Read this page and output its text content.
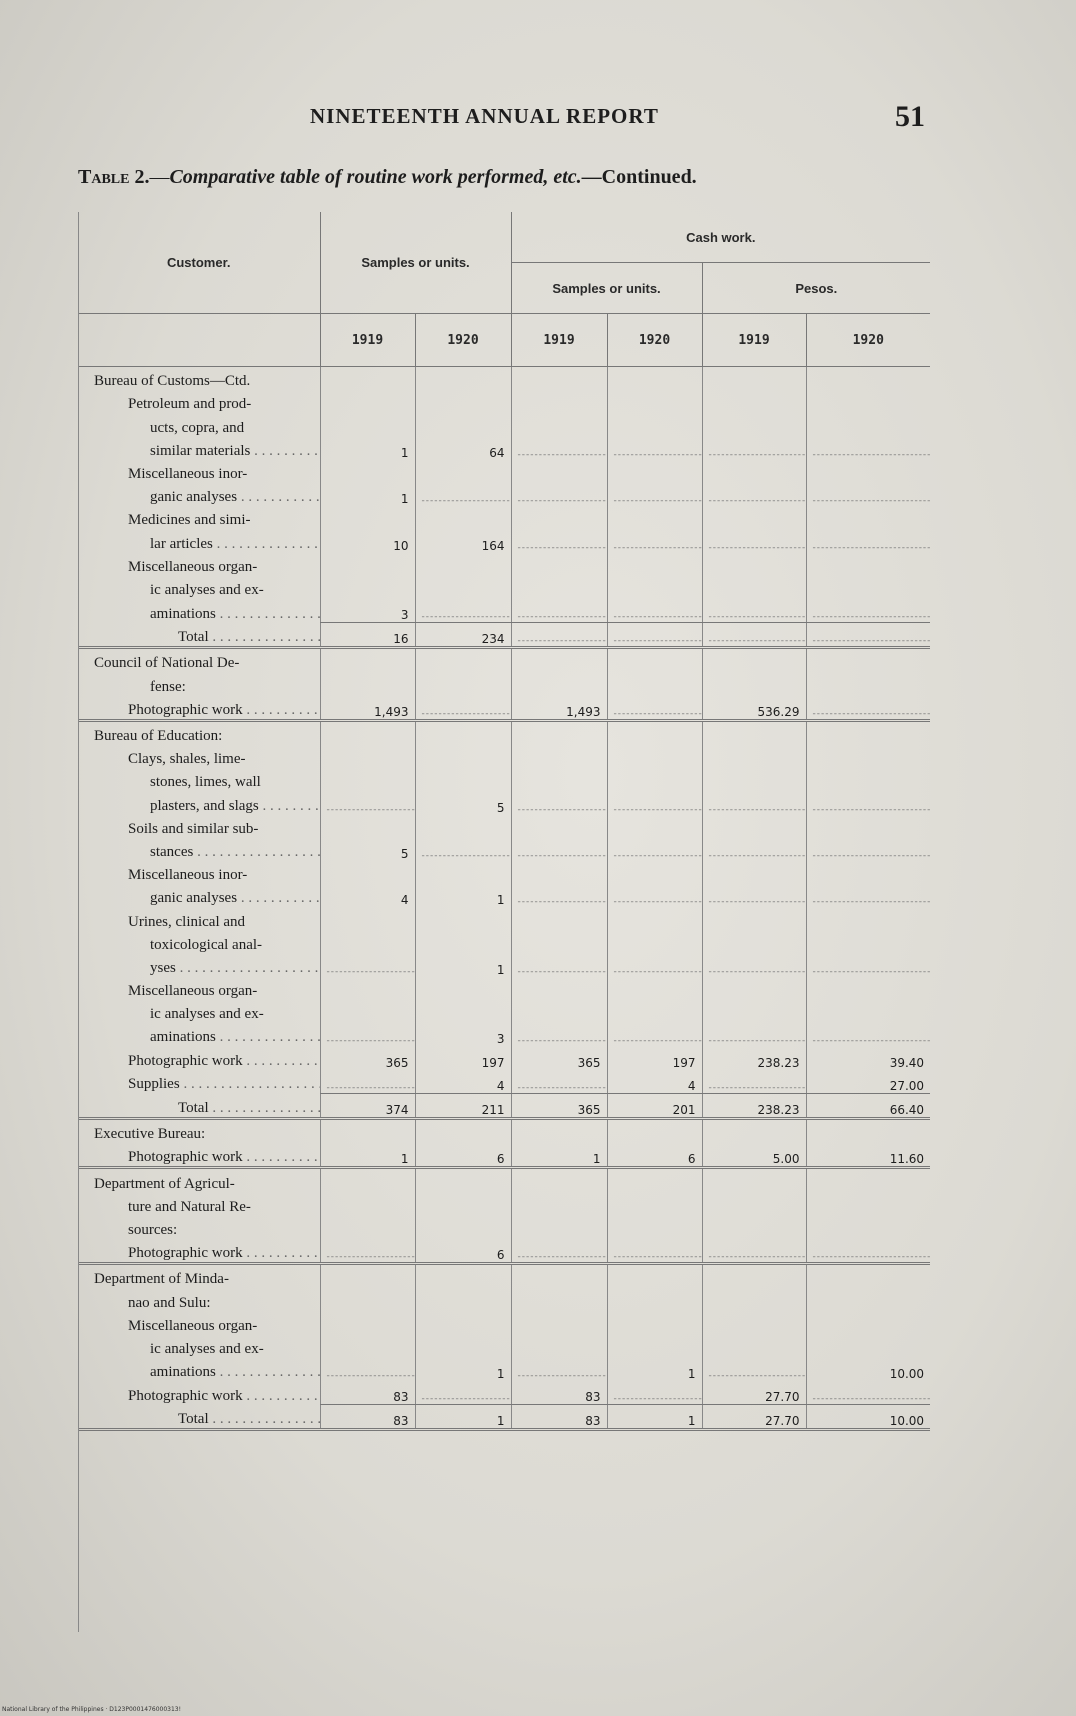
NINETEENTH ANNUAL REPORT	51
Table 2.—Comparative table of routine work performed, etc.—Continued.
Customer.	Samples or units.		Cash work.			
			Samples or units.		Pesos.	
	1919	1920	1919	1920	1919	1920
Bureau of Customs—Ctd.						
Petroleum and prod-						
ucts, copra, and						
similar materials . . .	1	64	-----	-----	-----	-----
Miscellaneous inor-						
ganic analyses . . .	1	-----	-----	-----	-----	-----
Medicines and simi-						
lar articles . . .	10	164	-----	-----	-----	-----
Miscellaneous organ-						
ic analyses and ex-						
aminations . . .	3	-----	-----	-----	-----	-----
Total . . .	16	234	-----	-----	-----	-----
Council of National De-						
fense:						
Photographic work . . .	1,493	-----	1,493	-----	536.29	-----
Bureau of Education:						
Clays, shales, lime-						
stones, limes, wall						
plasters, and slags . . .	-----	5	-----	-----	-----	-----
Soils and similar sub-						
stances . . .	5	-----	-----	-----	-----	-----
Miscellaneous inor-						
ganic analyses . . .	4	1	-----	-----	-----	-----
Urines, clinical and						
toxicological anal-						
yses . . .	-----	1	-----	-----	-----	-----
Miscellaneous organ-						
ic analyses and ex-						
aminations . . .	-----	3	-----	-----	-----	-----
Photographic work . . .	365	197	365	197	238.23	39.40
Supplies . . .	-----	4	-----	4	-----	27.00
Total . . .	374	211	365	201	238.23	66.40
Executive Bureau:						
Photographic work . . .	1	6	1	6	5.00	11.60
Department of Agricul-						
ture and Natural Re-						
sources:						
Photographic work . . .	-----	6	-----	-----	-----	-----
Department of Minda-						
nao and Sulu:						
Miscellaneous organ-						
ic analyses and ex-						
aminations . . .	-----	1	-----	1	-----	10.00
Photographic work . . .	83	-----	83	-----	27.70	-----
Total . . .	83	1	83	1	27.70	10.00
National Library of the Philippines · D123P0001476000313!
